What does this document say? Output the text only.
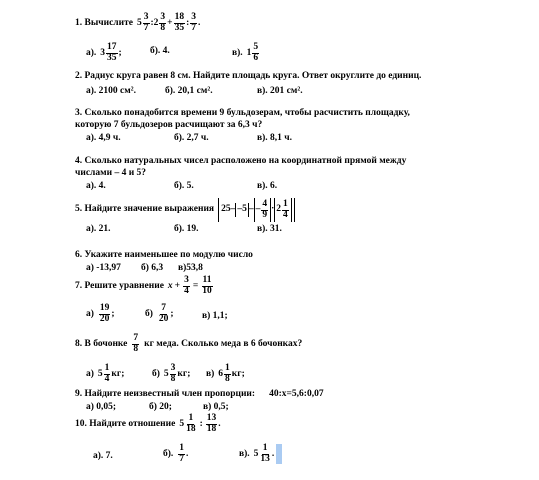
1. Вычислите $5 \frac{3}{7}$ :2 $\frac{3}{8} + \frac{18}{35}$ : $\frac{3}{7}$ .
а). $3 \frac{17}{35}$ ;	б). 4.	в). $1 \frac{5}{6}$
2. Радиус круга равен 8 см. Найдите площадь круга. Ответ округлите до единиц.
а). 2100 см².	б). 20,1 см².	в). 201 см².
3. Сколько понадобится времени 9 бульдозерам, чтобы расчистить площадку,
которую 7 бульдозеров расчищают за 6,3 ч?
а). 4,9 ч.	б). 2,7 ч.	в). 8,1 ч.
4. Сколько натуральных чисел расположено на координатной прямой между
числами – 4 и 5?
а). 4.	б). 5.	в). 6.
5. Найдите значение выражения 25 – –5 – – $\frac{4}{9} \cdot 2 \frac{1}{4}$
а). 21.	б). 19.	в). 31.
6. Укажите наименьшее по модулю число
а) -13,97 б) 6,3 в)53,8
7. Решите уравнение $x + \frac{3}{4} = \frac{11}{10}$
$а) \frac{19}{20}$ ;	$б) \frac{7}{20}$ ;	в) 1,1;
8. В бочонке $\frac{7}{8}$ кг меда. Сколько меда в 6 бочонках?
а) $5 \frac{1}{4}$ кг;	б) $5 \frac{3}{8}$ кг; в) $6 \frac{1}{8}$ кг;
9. Найдите неизвестный член пропорции: 40:x=5,6:0,07
а) 0,05;	б) 20;	в) 0,5;
10. Найдите отношение $5 \frac{1}{18}$ : $\frac{13}{18}$ .
а). 7.	б). $\frac{1}{7}$ .	в). $5 \frac{1}{13}$ .
